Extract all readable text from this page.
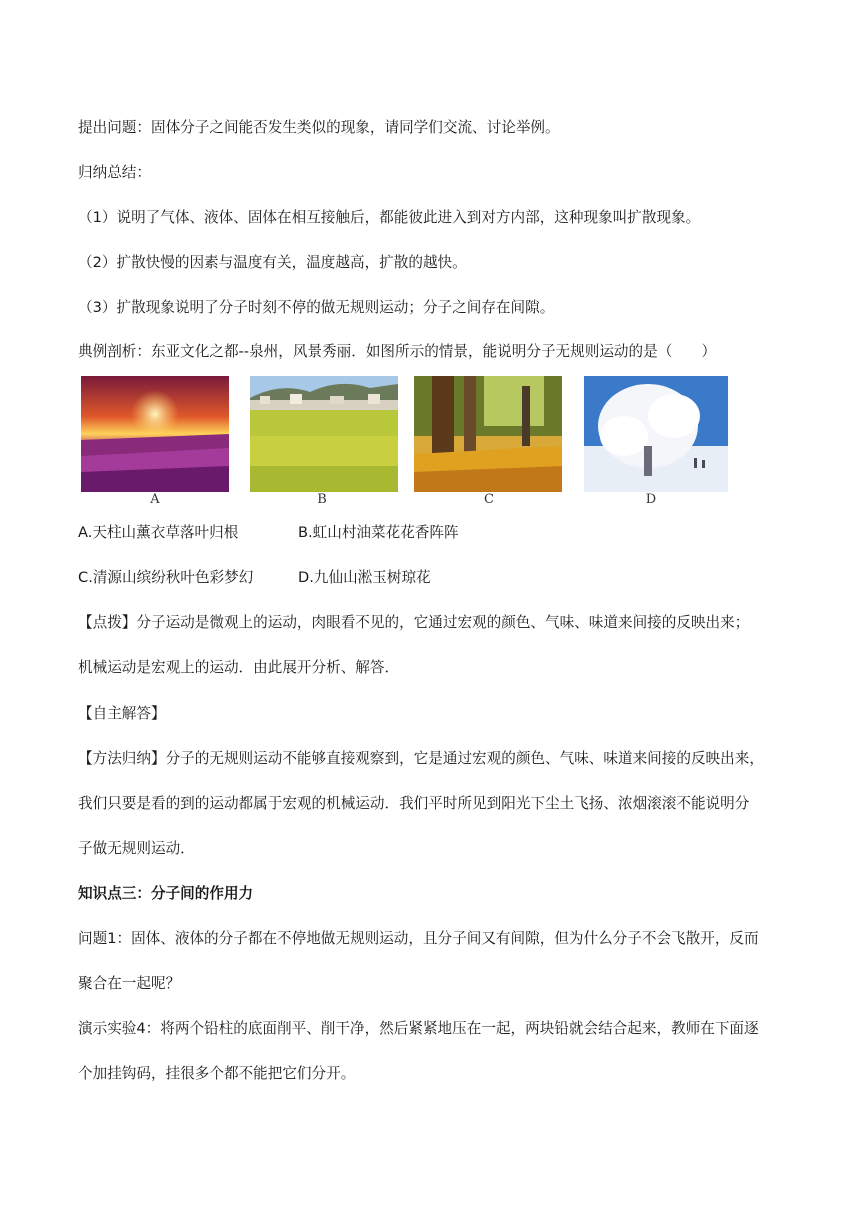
提出问题：固体分子之间能否发生类似的现象，请同学们交流、讨论举例。
归纳总结：
（1）说明了气体、液体、固体在相互接触后，都能彼此进入到对方内部，这种现象叫扩散现象。
（2）扩散快慢的因素与温度有关，温度越高，扩散的越快。
（3）扩散现象说明了分子时刻不停的做无规则运动；分子之间存在间隙。
典例剖析：东亚文化之都--泉州，风景秀丽．如图所示的情景，能说明分子无规则运动的是（　　）
A	B	C	D
A.天柱山薰衣草落叶归根	B.虹山村油菜花花香阵阵
C.清源山缤纷秋叶色彩梦幻	D.九仙山淞玉树琼花
【点拨】分子运动是微观上的运动，肉眼看不见的，它通过宏观的颜色、气味、味道来间接的反映出来；
机械运动是宏观上的运动．由此展开分析、解答．
【自主解答】
【方法归纳】分子的无规则运动不能够直接观察到，它是通过宏观的颜色、气味、味道来间接的反映出来，
我们只要是看的到的运动都属于宏观的机械运动．我们平时所见到阳光下尘土飞扬、浓烟滚滚不能说明分
子做无规则运动．
知识点三：分子间的作用力
问题1：固体、液体的分子都在不停地做无规则运动，且分子间又有间隙，但为什么分子不会飞散开，反而
聚合在一起呢？
演示实验4：将两个铅柱的底面削平、削干净，然后紧紧地压在一起，两块铅就会结合起来，教师在下面逐
个加挂钩码，挂很多个都不能把它们分开。
